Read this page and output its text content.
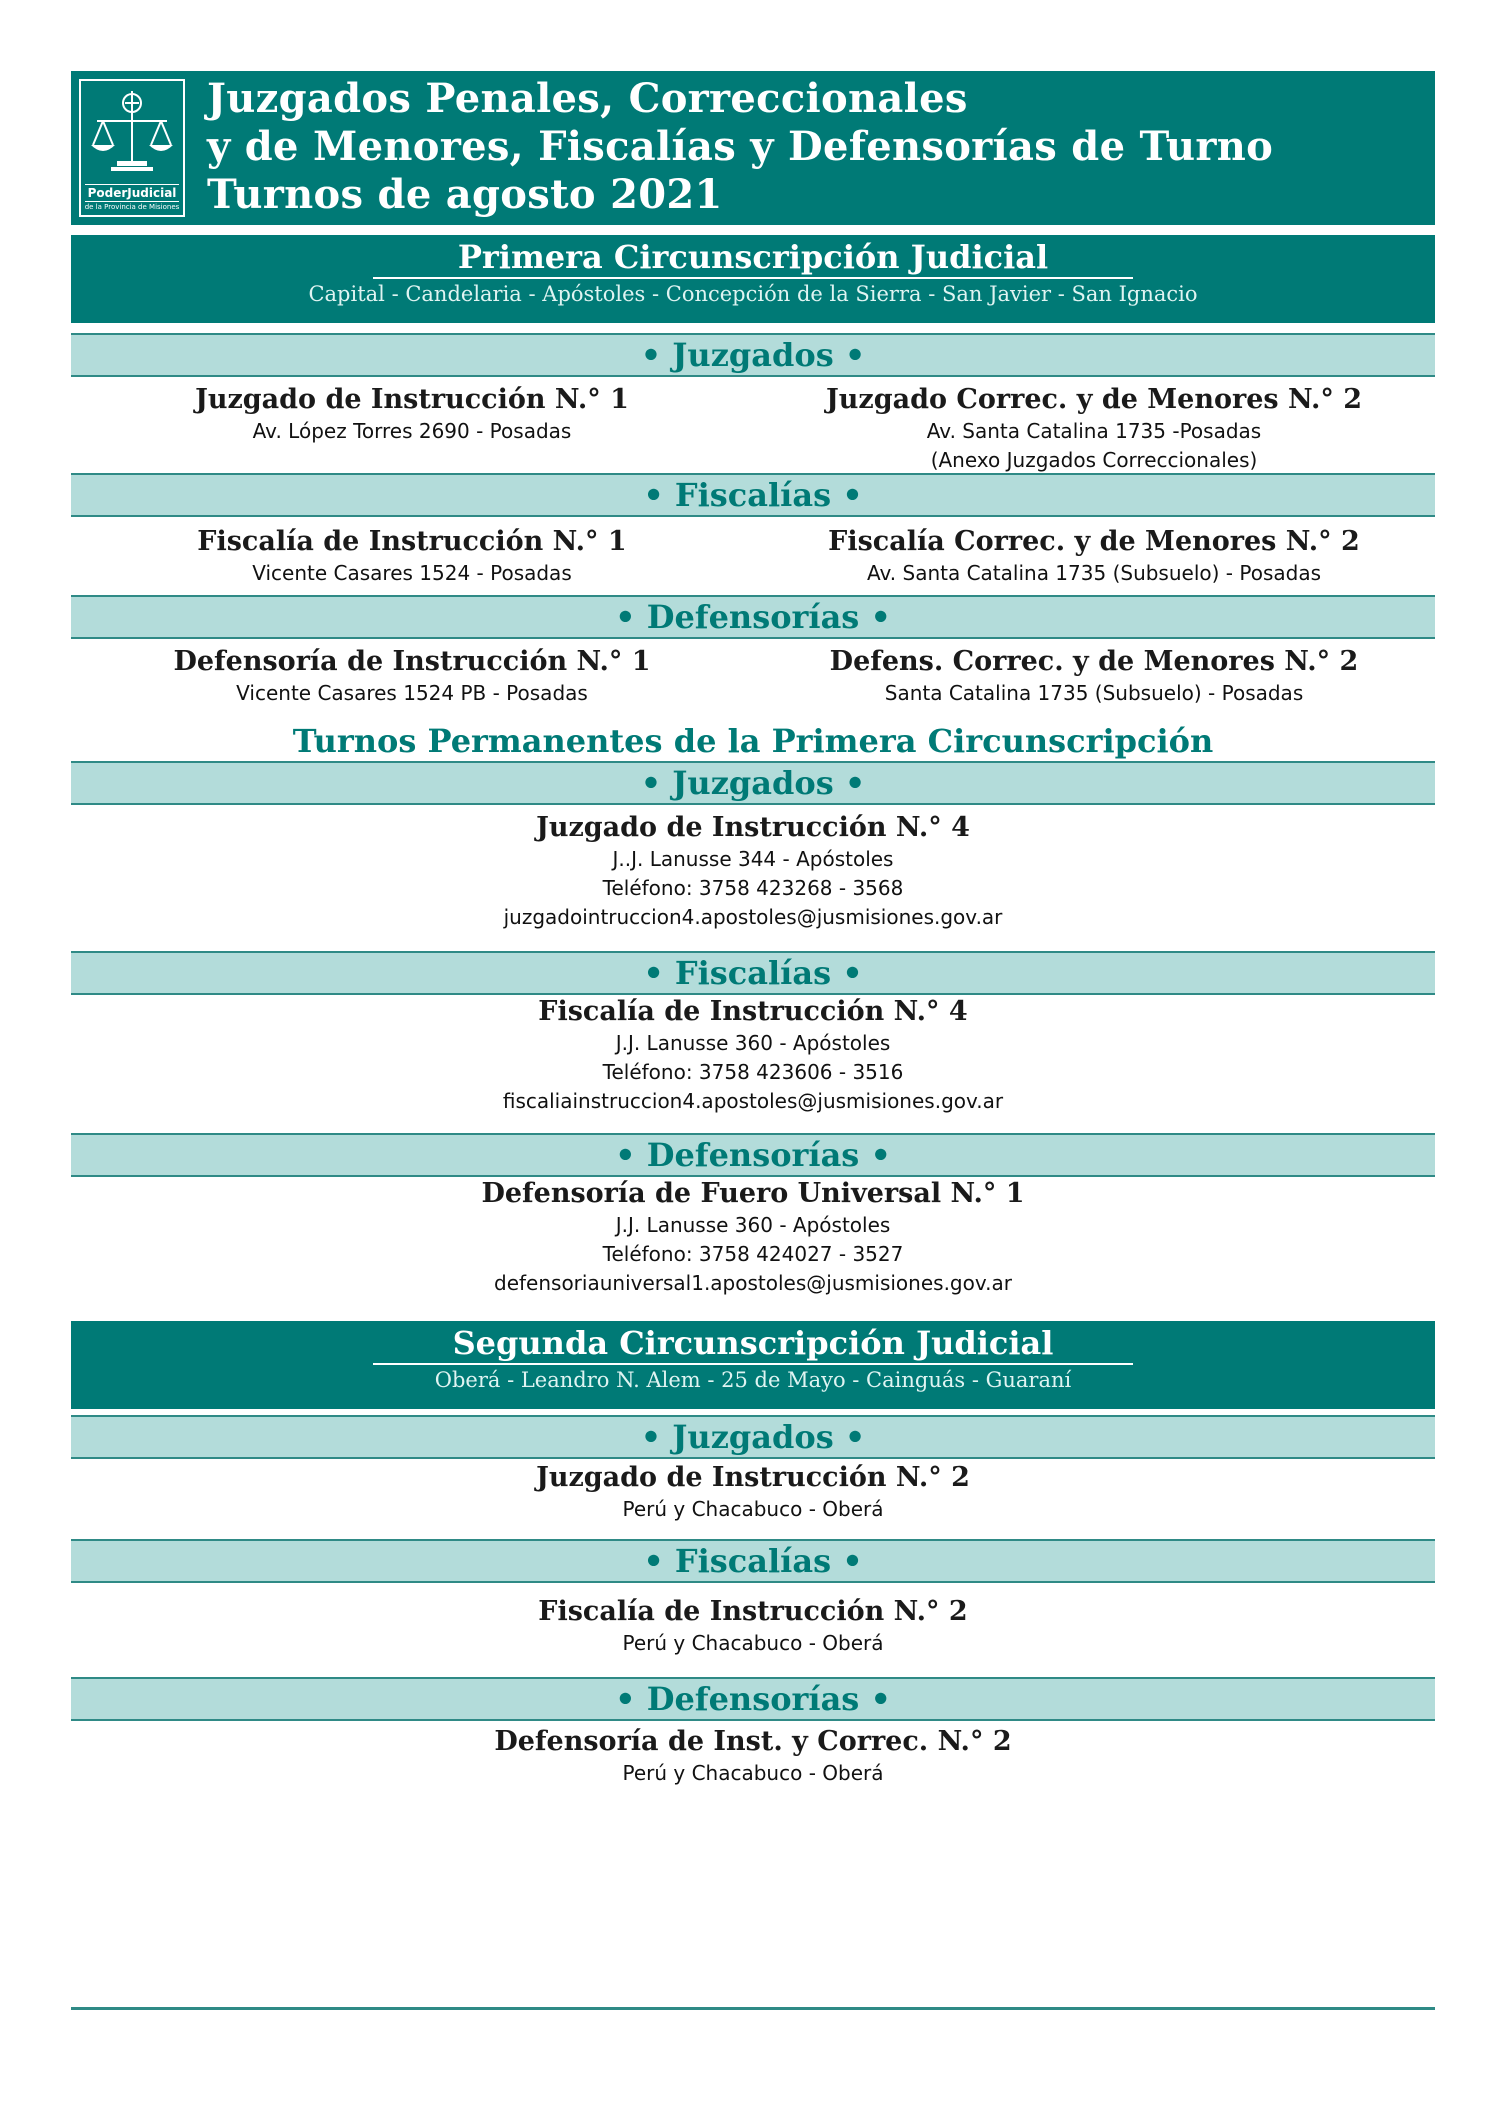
PoderJudicial
de la Provincia de Misiones
Juzgados Penales, Correccionales
y de Menores, Fiscalías y Defensorías de Turno
Turnos de agosto 2021
Primera Circunscripción Judicial
Capital - Candelaria - Apóstoles - Concepción de la Sierra - San Javier - San Ignacio
• Juzgados •
Juzgado de Instrucción N.° 1
Av. López Torres 2690 - Posadas
Juzgado Correc. y de Menores N.° 2
Av. Santa Catalina 1735 -Posadas
(Anexo Juzgados Correccionales)
• Fiscalías •
Fiscalía de Instrucción N.° 1
Vicente Casares 1524 - Posadas
Fiscalía Correc. y de Menores N.° 2
Av. Santa Catalina 1735 (Subsuelo) - Posadas
• Defensorías •
Defensoría de Instrucción N.° 1
Vicente Casares 1524 PB - Posadas
Defens. Correc. y de Menores N.° 2
Santa Catalina 1735 (Subsuelo) - Posadas
Turnos Permanentes de la Primera Circunscripción
• Juzgados •
Juzgado de Instrucción N.° 4
J..J. Lanusse 344 - Apóstoles
Teléfono: 3758 423268 - 3568
juzgadointruccion4.apostoles@jusmisiones.gov.ar
• Fiscalías •
Fiscalía de Instrucción N.° 4
J.J. Lanusse 360 - Apóstoles
Teléfono: 3758 423606 - 3516
fiscaliainstruccion4.apostoles@jusmisiones.gov.ar
• Defensorías •
Defensoría de Fuero Universal N.° 1
J.J. Lanusse 360 - Apóstoles
Teléfono: 3758 424027 - 3527
defensoriauniversal1.apostoles@jusmisiones.gov.ar
Segunda Circunscripción Judicial
Oberá - Leandro N. Alem - 25 de Mayo - Cainguás - Guaraní
• Juzgados •
Juzgado de Instrucción N.° 2
Perú y Chacabuco - Oberá
• Fiscalías •
Fiscalía de Instrucción N.° 2
Perú y Chacabuco - Oberá
• Defensorías •
Defensoría de Inst. y Correc. N.° 2
Perú y Chacabuco - Oberá
